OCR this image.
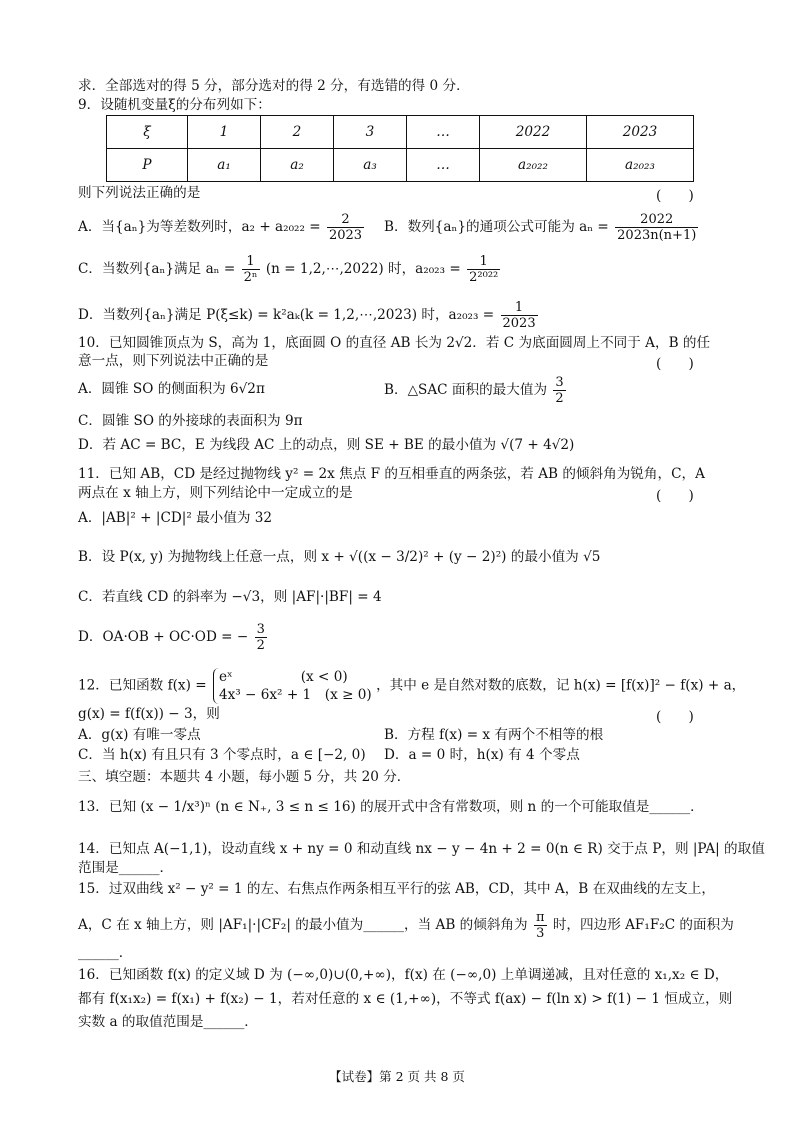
求．全部选对的得 5 分，部分选对的得 2 分，有选错的得 0 分．
9．设随机变量ξ的分布列如下：
ξ	1	2	3	…	2022	2023
P	a₁	a₂	a₃	…	a₂₀₂₂	a₂₀₂₃
则下列说法正确的是	(　　)
A．当{aₙ}为等差数列时，$a_2 + a_{2022} = \frac{2}{2023}$ B．数列{aₙ}的通项公式可能为 $a_n = \frac{2022}{2023n(n+1)}$
C．当数列{aₙ}满足 $a_n = \frac{1}{\text{2ⁿ}} (n$ = 1,2,⋯,2022) 时，$a_{2023} = \frac{1}{\text{2²⁰²²}}$
D．当数列{aₙ}满足 P(ξ≤k) = k²aₖ(k = 1,2,⋯,2023) 时，$a_{2023} = \frac{1}{2023}$
10．已知圆锥顶点为 S，高为 1，底面圆 O 的直径 AB 长为 2√2．若 C 为底面圆周上不同于 A，B 的任
意一点，则下列说法中正确的是	(　　)
A．圆锥 SO 的侧面积为 6√2π	B．△SAC 面积的最大值为 $\frac{3}{2}$
C．圆锥 SO 的外接球的表面积为 9π
D．若 AC = BC，E 为线段 AC 上的动点，则 SE + BE 的最小值为 √(7 + 4√2)
11．已知 AB，CD 是经过抛物线 y² = 2x 焦点 F 的互相垂直的两条弦，若 AB 的倾斜角为锐角，C，A
两点在 x 轴上方，则下列结论中一定成立的是	(　　)
A．|AB|² + |CD|² 最小值为 32
B．设 P(x, y) 为抛物线上任意一点，则 x + √((x − 3/2)² + (y − 2)²) 的最小值为 √5
C．若直线 CD 的斜率为 −√3，则 |AF|·|BF| = 4
D．OA·OB + OC·OD = − $\frac{3}{2}$
12．已知函数 f(x) =
eˣ　　　　　(x < 0)
4x³ − 6x² + 1　(x ≥ 0)
，其中 e 是自然对数的底数，记 h(x) = [f(x)]² − f(x) + a，
g(x) = f(f(x)) − 3，则	(　　)
A．g(x) 有唯一零点	B．方程 f(x) = x 有两个不相等的根
C．当 h(x) 有且只有 3 个零点时，a ∈ [−2, 0) D．a = 0 时，h(x) 有 4 个零点
三、填空题：本题共 4 小题，每小题 5 分，共 20 分．
13．已知 (x − 1/x³)ⁿ (n ∈ N₊, 3 ≤ n ≤ 16) 的展开式中含有常数项，则 n 的一个可能取值是______．
14．已知点 A(−1,1)，设动直线 x + ny = 0 和动直线 nx − y − 4n + 2 = 0(n ∈ R) 交于点 P，则 |PA| 的取值
范围是______．
15．过双曲线 x² − y² = 1 的左、右焦点作两条相互平行的弦 AB，CD，其中 A，B 在双曲线的左支上，
A，C 在 x 轴上方，则 |AF₁|·|CF₂| 的最小值为______，当 AB 的倾斜角为 $\frac{\pi}{3}$ 时，四边形 AF₁F₂C 的面积为
______．
16．已知函数 f(x) 的定义域 D 为 (−∞,0)∪(0,+∞)，f(x) 在 (−∞,0) 上单调递减，且对任意的 x₁,x₂ ∈ D，
都有 f(x₁x₂) = f(x₁) + f(x₂) − 1，若对任意的 x ∈ (1,+∞)，不等式 f(ax) − f(ln x) > f(1) − 1 恒成立，则
实数 a 的取值范围是______．
【试卷】第 2 页 共 8 页
